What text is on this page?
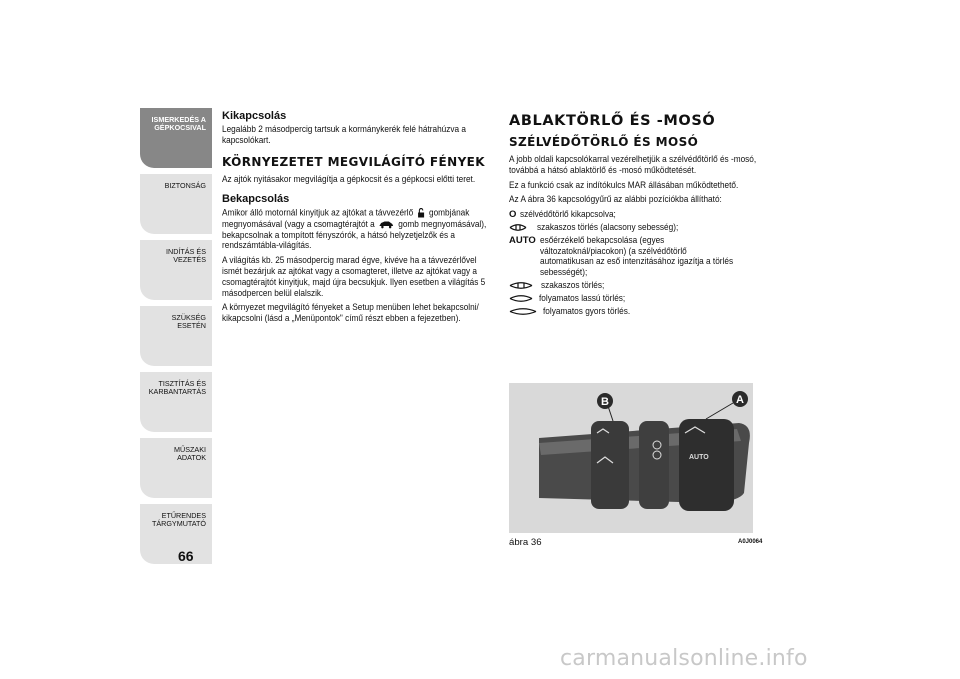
ISMERKEDÉS A GÉPKOCSIVAL
BIZTONSÁG
INDÍTÁS ÉS VEZETÉS
SZÜKSÉG ESETÉN
TISZTÍTÁS ÉS KARBANTARTÁS
MŰSZAKI ADATOK
ETŰRENDES TÁRGYMUTATÓ
66
Kikapcsolás

Legalább 2 másodpercig tartsuk a kormánykerék felé hátrahúzva a kapcsolókart.

KÖRNYEZETET MEGVILÁGÍTÓ FÉNYEK

Az ajtók nyitásakor megvilágítja a gépkocsit és a gépkocsi előtti teret.

Bekapcsolás

Amikor álló motornál kinyitjuk az ajtókat a távvezérlő gombjának megnyomásával (vagy a csomagtérajtót a gomb megnyomásával), bekapcsolnak a tompított fényszórók, a hátsó helyzetjelzők és a rendszámtábla-világítás.

A világítás kb. 25 másodpercig marad égve, kivéve ha a távvezérlővel ismét bezárjuk az ajtókat vagy a csomagteret, illetve az ajtókat vagy a csomagtérajtót kinyitjuk, majd újra becsukjuk. Ilyen esetben a világítás 5 másodpercen belül elalszik.

A környezet megvilágító fényeket a Setup menüben lehet bekapcsolni/ kikapcsolni (lásd a „Menüpontok" című részt ebben a fejezetben).

ABLAKTÖRLŐ ÉS -MOSÓ
SZÉLVÉDŐTÖRLŐ ÉS MOSÓ

A jobb oldali kapcsolókarral vezérelhetjük a szélvédőtörlő és -mosó, továbbá a hátsó ablaktörlő és -mosó működtetését.

Ez a funkció csak az indítókulcs MAR állásában működtethető.

Az A ábra 36 kapcsológyűrű az alábbi pozíciókba állítható:

O szélvédőtörlő kikapcsolva;
szakaszos törlés (alacsony sebesség);
AUTO esőérzékelő bekapcsolása (egyes változatoknál/piacokon) (a szélvédőtörlő automatikusan az eső intenzitásához igazítja a törlés sebességét);
szakaszos törlés;
folyamatos lassú törlés;
folyamatos gyors törlés.
AUTO
B	A
ábra 36	A0J0064
carmanualsonline.info
